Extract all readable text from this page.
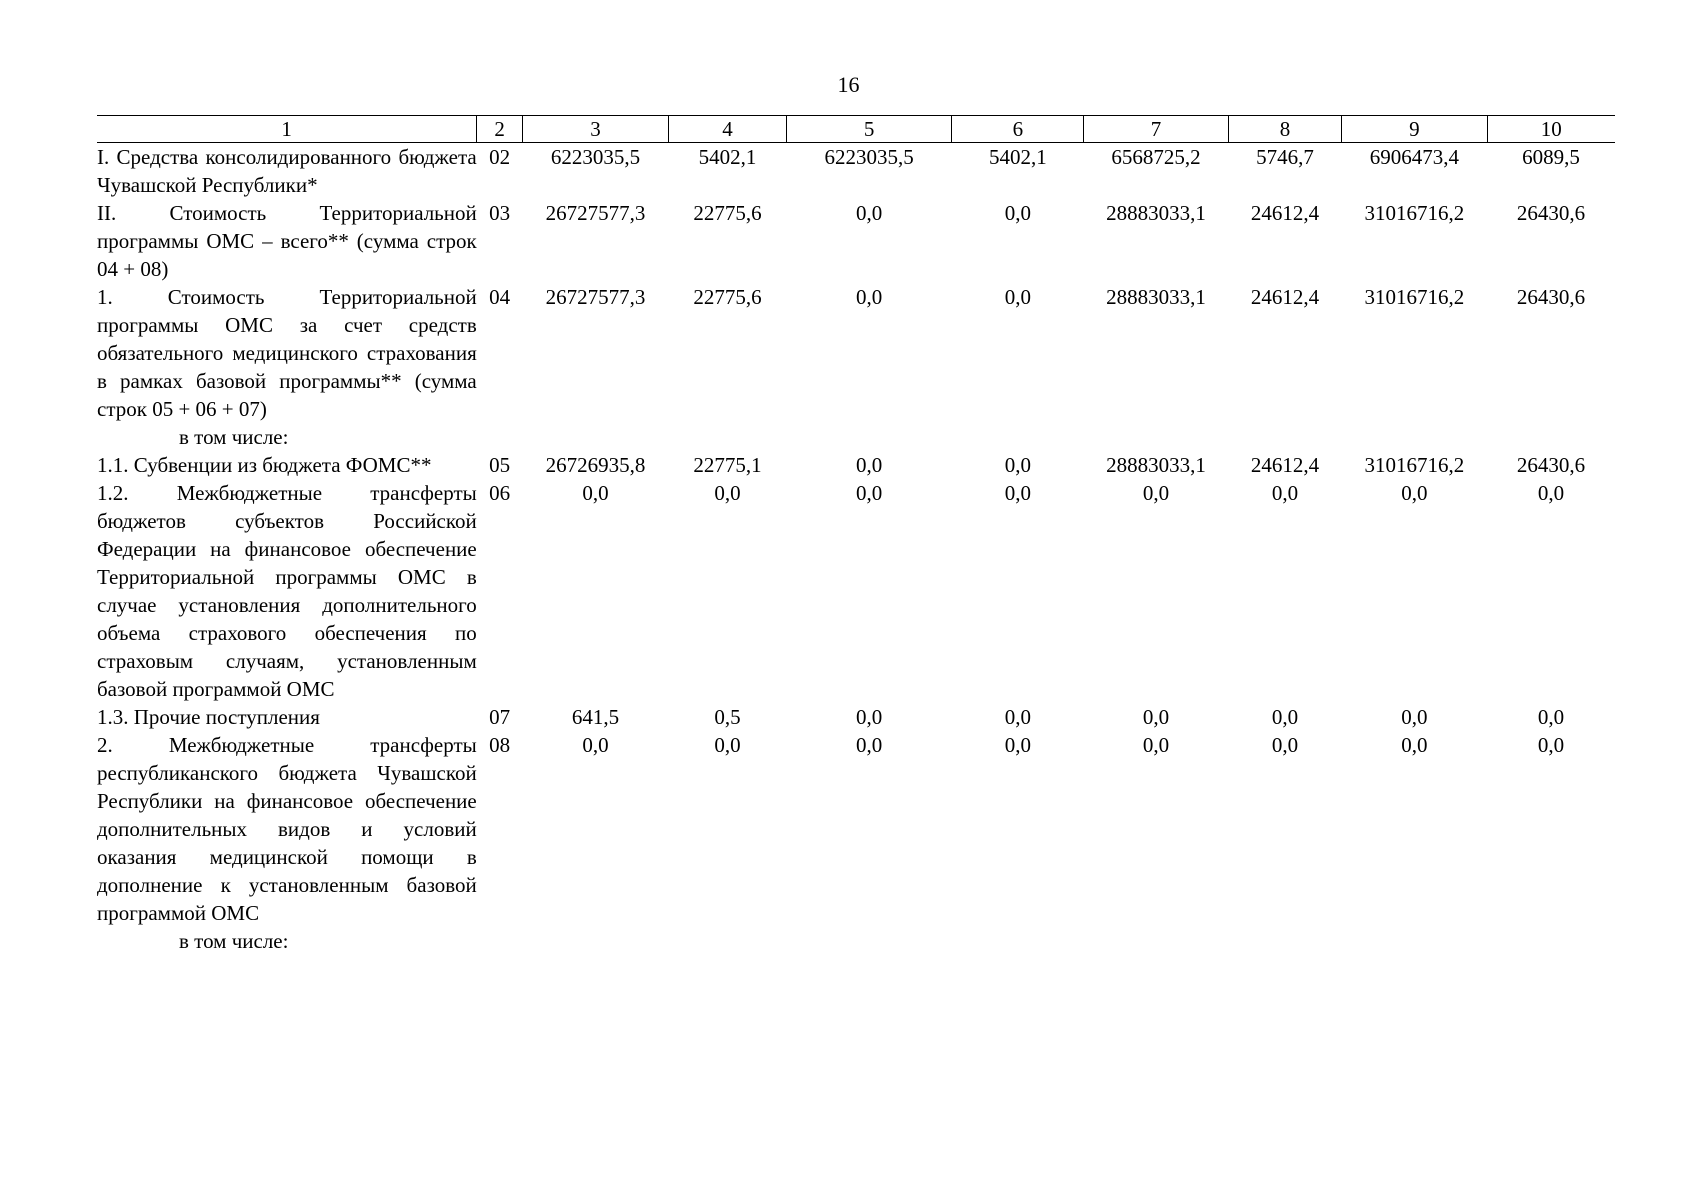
16
1	2	3	4	5	6	7	8	9	10
I. Средства консолидированного бюджета Чувашской Республики*	02	6223035,5	5402,1	6223035,5	5402,1	6568725,2	5746,7	6906473,4	6089,5
II. Стоимость Территориальной программы ОМС – всего** (сумма строк 04 + 08)	03	26727577,3	22775,6	0,0	0,0	28883033,1	24612,4	31016716,2	26430,6
1. Стоимость Территориальной программы ОМС за счет средств обязательного медицинского страхования в рамках базовой программы** (сумма строк 05 + 06 + 07)	04	26727577,3	22775,6	0,0	0,0	28883033,1	24612,4	31016716,2	26430,6
в том числе:									
1.1. Субвенции из бюджета ФОМС**	05	26726935,8	22775,1	0,0	0,0	28883033,1	24612,4	31016716,2	26430,6
1.2. Межбюджетные трансферты бюджетов субъектов Российской Федерации на финансовое обеспечение Территориальной программы ОМС в случае установления дополнительного объема страхового обеспечения по страховым случаям, установленным базовой программой ОМС	06	0,0	0,0	0,0	0,0	0,0	0,0	0,0	0,0
1.3. Прочие поступления	07	641,5	0,5	0,0	0,0	0,0	0,0	0,0	0,0
2. Межбюджетные трансферты республиканского бюджета Чувашской Республики на финансовое обеспечение дополнительных видов и условий оказания медицинской помощи в дополнение к установленным базовой программой ОМС	08	0,0	0,0	0,0	0,0	0,0	0,0	0,0	0,0
в том числе:									
